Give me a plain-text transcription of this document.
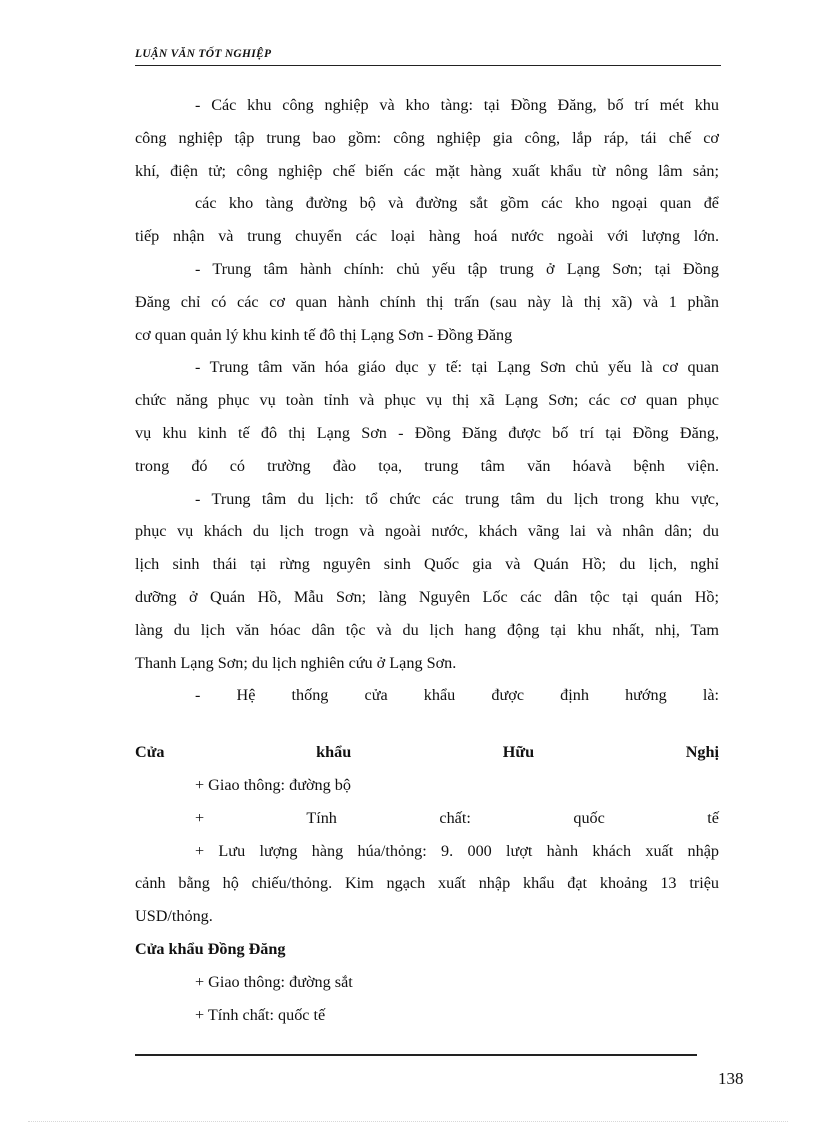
LUẬN VĂN TỐT NGHIỆP
- Các khu công nghiệp và kho tàng: tại Đồng Đăng, bố trí mét khu
công nghiệp tập trung bao gồm: công nghiệp gia công, lắp ráp, tái chế cơ
khí, điện tử; công nghiệp chế biến các mặt hàng xuất khẩu từ nông lâm sản;
các kho tàng đường bộ và đường sắt gồm các kho ngoại quan để
tiếp nhận và trung chuyển các loại hàng hoá nước ngoài với lượng lớn.
- Trung tâm hành chính: chủ yếu tập trung ở Lạng Sơn; tại Đồng
Đăng chỉ có các cơ quan hành chính thị trấn (sau này là thị xã) và 1 phần
cơ quan quản lý khu kinh tế đô thị Lạng Sơn - Đồng Đăng
- Trung tâm văn hóa giáo dục y tế: tại Lạng Sơn chủ yếu là cơ quan
chức năng phục vụ toàn tỉnh và phục vụ thị xã Lạng Sơn; các cơ quan phục
vụ khu kinh tế đô thị Lạng Sơn - Đồng Đăng được bố trí tại Đồng Đăng,
trong đó có trường đào tọa, trung tâm văn hóavà bệnh viện.
- Trung tâm du lịch: tổ chức các trung tâm du lịch trong khu vực,
phục vụ khách du lịch trogn và ngoài nước, khách vãng lai và nhân dân; du
lịch sinh thái tại rừng nguyên sinh Quốc gia và Quán Hồ; du lịch, nghỉ
dưỡng ở Quán Hồ, Mẫu Sơn; làng Nguyên Lốc các dân tộc tại quán Hồ;
làng du lịch văn hóac dân tộc và du lịch hang động tại khu nhất, nhị, Tam
Thanh Lạng Sơn; du lịch nghiên cứu ở Lạng Sơn.
- Hệ thống cửa khẩu được định hướng là:
Cửa khẩu Hữu Nghị
+ Giao thông: đường bộ
+ Tính chất: quốc tế
+ Lưu lượng hàng húa/thỏng: 9. 000 lượt hành khách xuất nhập
cảnh bằng hộ chiếu/thỏng. Kim ngạch xuất nhập khẩu đạt khoảng 13 triệu
USD/thỏng.
Cửa khẩu Đồng Đăng
+ Giao thông: đường sắt
+ Tính chất: quốc tế
138
